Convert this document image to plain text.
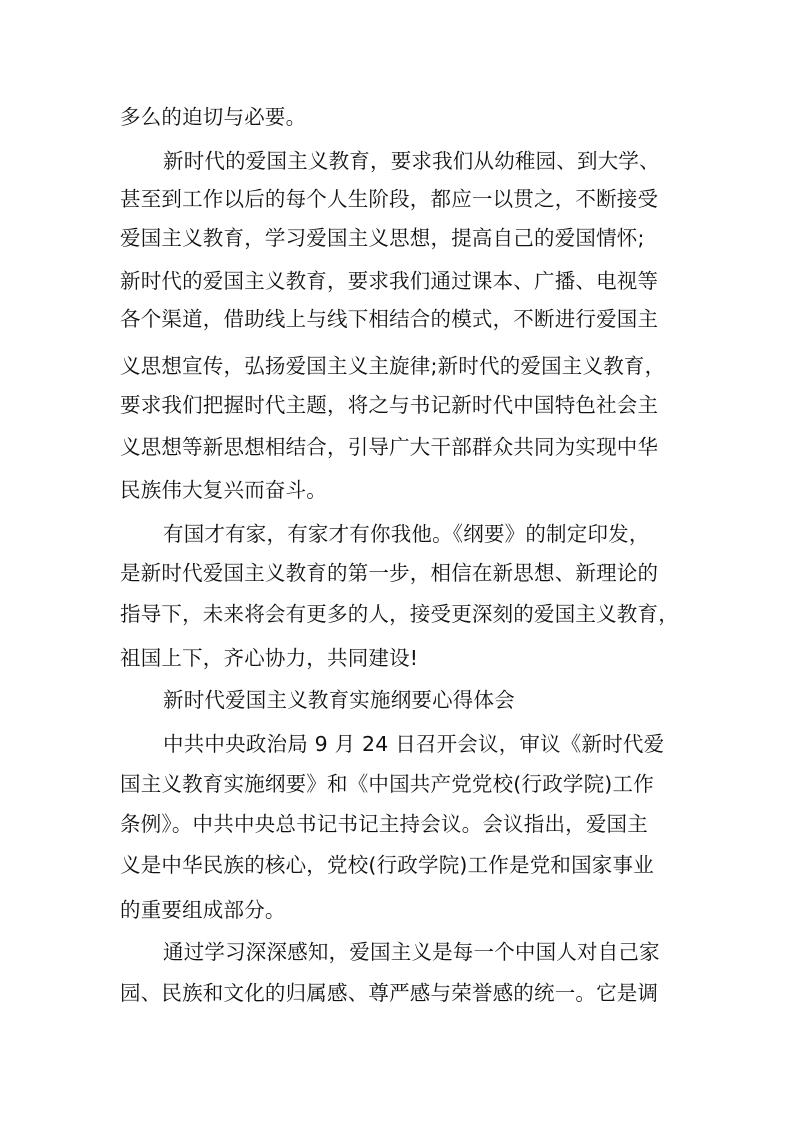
多么的迫切与必要。
新时代的爱国主义教育，要求我们从幼稚园、到大学、
甚至到工作以后的每个人生阶段，都应一以贯之，不断接受
爱国主义教育，学习爱国主义思想，提高自己的爱国情怀;
新时代的爱国主义教育，要求我们通过课本、广播、电视等
各个渠道，借助线上与线下相结合的模式，不断进行爱国主
义思想宣传，弘扬爱国主义主旋律;新时代的爱国主义教育，
要求我们把握时代主题，将之与书记新时代中国特色社会主
义思想等新思想相结合，引导广大干部群众共同为实现中华
民族伟大复兴而奋斗。
有国才有家，有家才有你我他。《纲要》的制定印发，
是新时代爱国主义教育的第一步，相信在新思想、新理论的
指导下，未来将会有更多的人，接受更深刻的爱国主义教育，
祖国上下，齐心协力，共同建设!
新时代爱国主义教育实施纲要心得体会
中共中央政治局 9 月 24 日召开会议，审议《新时代爱
国主义教育实施纲要》和《中国共产党党校(行政学院)工作
条例》。中共中央总书记书记主持会议。会议指出，爱国主
义是中华民族的核心，党校(行政学院)工作是党和国家事业
的重要组成部分。
通过学习深深感知，爱国主义是每一个中国人对自己家
园、民族和文化的归属感、尊严感与荣誉感的统一。它是调
